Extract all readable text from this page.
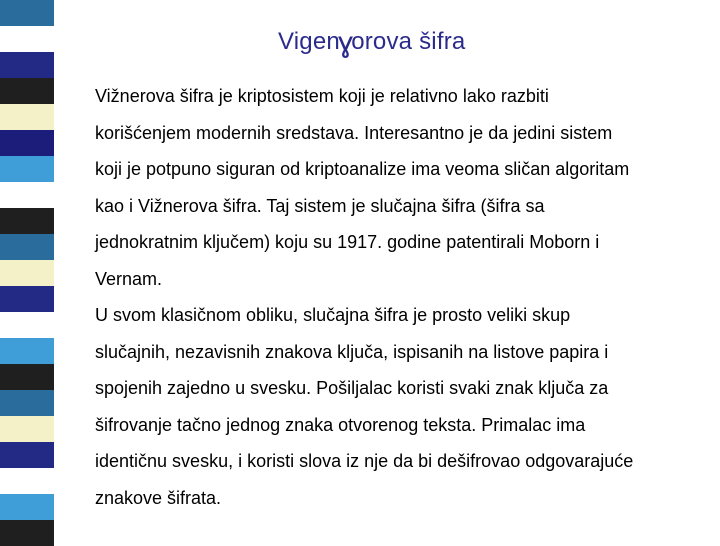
Vigenɣorova šifra

Vižnerova šifra je kriptosistem koji je relativno lako razbiti
korišćenjem modernih sredstava. Interesantno je da jedini sistem
koji je potpuno siguran od kriptoanalize ima veoma sličan algoritam
kao i Vižnerova šifra. Taj sistem je slučajna šifra (šifra sa
jednokratnim ključem) koju su 1917. godine patentirali Moborn i
Vernam.

U svom klasičnom obliku, slučajna šifra je prosto veliki skup
slučajnih, nezavisnih znakova ključa, ispisanih na listove papira i
spojenih zajedno u svesku. Pošiljalac koristi svaki znak ključa za
šifrovanje tačno jednog znaka otvorenog teksta. Primalac ima
identičnu svesku, i koristi slova iz nje da bi dešifrovao odgovarajuće
znakove šifrata.
